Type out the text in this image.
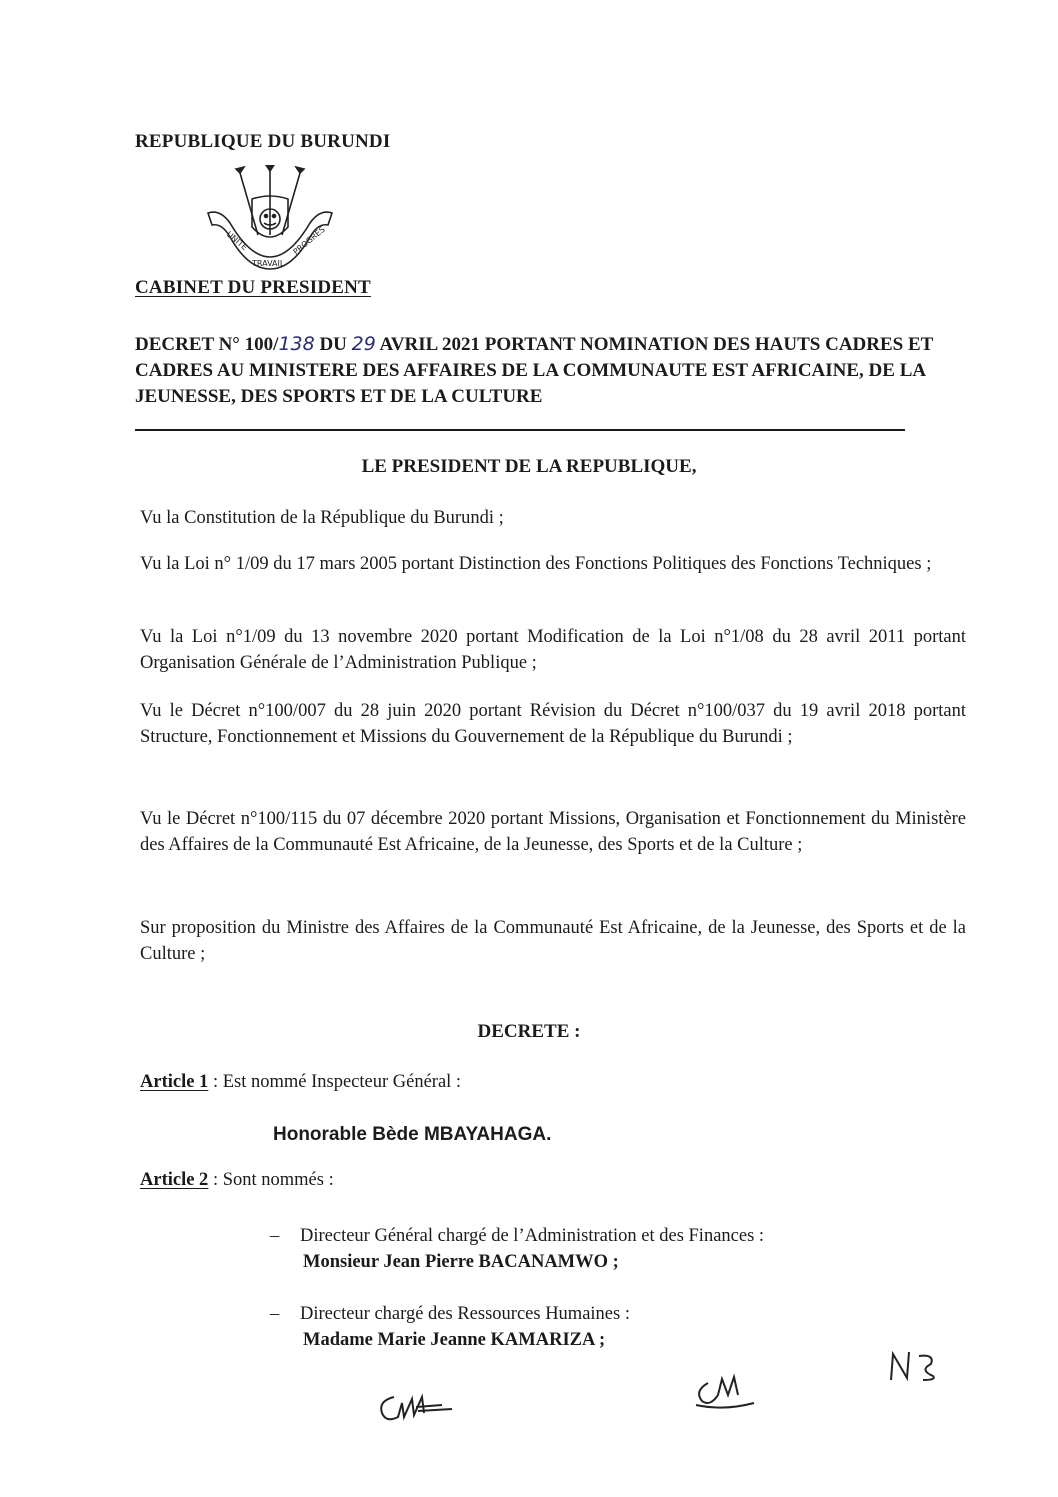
REPUBLIQUE DU BURUNDI
UNITE
TRAVAIL
PROGRES
CABINET DU PRESIDENT
DECRET N° 100/138 DU 29 AVRIL 2021 PORTANT NOMINATION DES HAUTS CADRES ET CADRES AU MINISTERE DES AFFAIRES DE LA COMMUNAUTE EST AFRICAINE, DE LA JEUNESSE, DES SPORTS ET DE LA CULTURE
LE PRESIDENT DE LA REPUBLIQUE,
Vu la Constitution de la République du Burundi ;
Vu la Loi n° 1/09 du 17 mars 2005 portant Distinction des Fonctions Politiques des Fonctions Techniques ;
Vu la Loi n°1/09 du 13 novembre 2020 portant Modification de la Loi n°1/08 du 28 avril 2011 portant Organisation Générale de l’Administration Publique ;
Vu le Décret n°100/007 du 28 juin 2020 portant Révision du Décret n°100/037 du 19 avril 2018 portant Structure, Fonctionnement et Missions du Gouvernement de la République du Burundi ;
Vu le Décret n°100/115 du 07 décembre 2020 portant Missions, Organisation et Fonctionnement du Ministère des Affaires de la Communauté Est Africaine, de la Jeunesse, des Sports et de la Culture ;
Sur proposition du Ministre des Affaires de la Communauté Est Africaine, de la Jeunesse, des Sports et de la Culture ;
DECRETE :
Article 1 : Est nommé Inspecteur Général :
Honorable Bède MBAYAHAGA.
Article 2 : Sont nommés :
– Directeur Général chargé de l’Administration et des Finances :
Monsieur Jean Pierre BACANAMWO ;
– Directeur chargé des Ressources Humaines :
Madame Marie Jeanne KAMARIZA ;
